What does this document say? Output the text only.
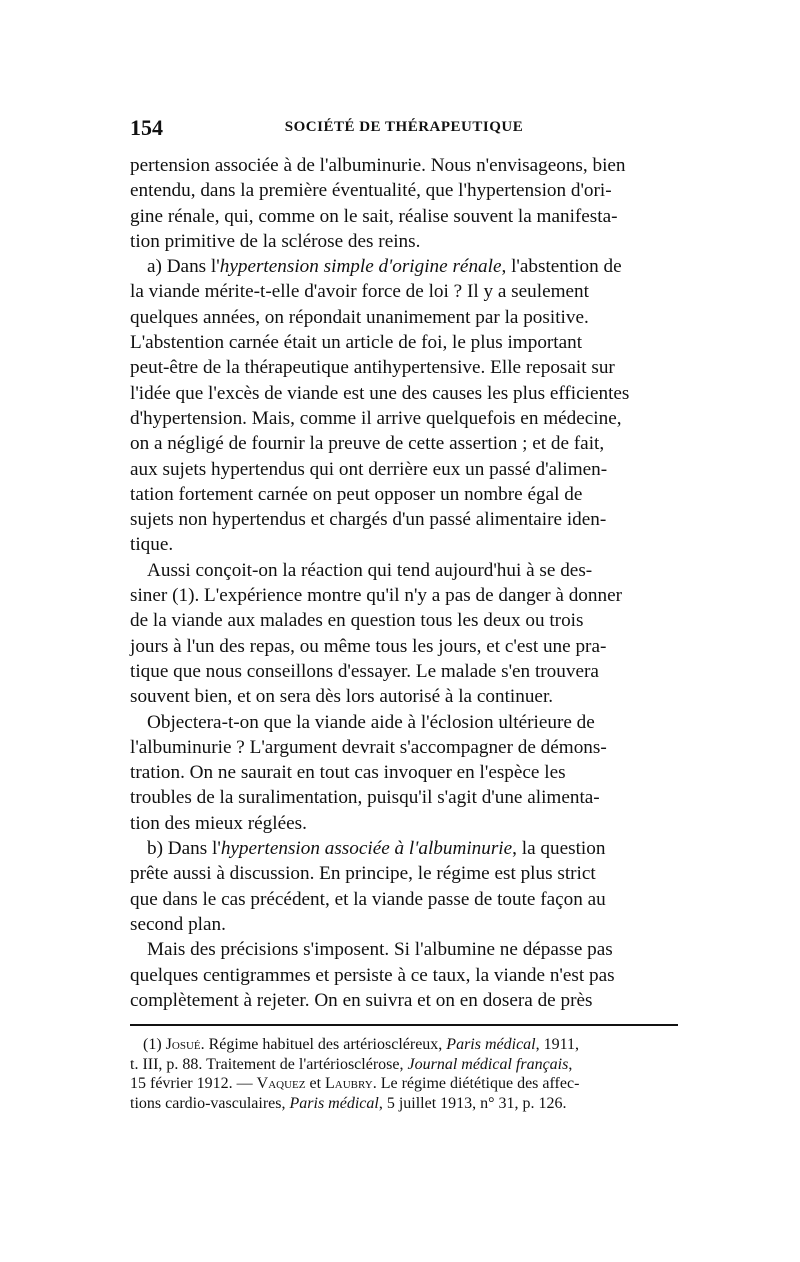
154	SOCIÉTÉ DE THÉRAPEUTIQUE

pertension associée à de l'albuminurie. Nous n'envisageons, bien
entendu, dans la première éventualité, que l'hypertension d'ori-
gine rénale, qui, comme on le sait, réalise souvent la manifesta-
tion primitive de la sclérose des reins.

a) Dans l'hypertension simple d'origine rénale, l'abstention de
la viande mérite-t-elle d'avoir force de loi ? Il y a seulement
quelques années, on répondait unanimement par la positive.
L'abstention carnée était un article de foi, le plus important
peut-être de la thérapeutique antihypertensive. Elle reposait sur
l'idée que l'excès de viande est une des causes les plus efficientes
d'hypertension. Mais, comme il arrive quelquefois en médecine,
on a négligé de fournir la preuve de cette assertion ; et de fait,
aux sujets hypertendus qui ont derrière eux un passé d'alimen-
tation fortement carnée on peut opposer un nombre égal de
sujets non hypertendus et chargés d'un passé alimentaire iden-
tique.

Aussi conçoit-on la réaction qui tend aujourd'hui à se des-
siner (1). L'expérience montre qu'il n'y a pas de danger à donner
de la viande aux malades en question tous les deux ou trois
jours à l'un des repas, ou même tous les jours, et c'est une pra-
tique que nous conseillons d'essayer. Le malade s'en trouvera
souvent bien, et on sera dès lors autorisé à la continuer.

Objectera-t-on que la viande aide à l'éclosion ultérieure de
l'albuminurie ? L'argument devrait s'accompagner de démons-
tration. On ne saurait en tout cas invoquer en l'espèce les
troubles de la suralimentation, puisqu'il s'agit d'une alimenta-
tion des mieux réglées.

b) Dans l'hypertension associée à l'albuminurie, la question
prête aussi à discussion. En principe, le régime est plus strict
que dans le cas précédent, et la viande passe de toute façon au
second plan.

Mais des précisions s'imposent. Si l'albumine ne dépasse pas
quelques centigrammes et persiste à ce taux, la viande n'est pas
complètement à rejeter. On en suivra et on en dosera de près

(1) Josué. Régime habituel des artérioscléreux, Paris médical, 1911,
t. III, p. 88. Traitement de l'artériosclérose, Journal médical français,
15 février 1912. — Vaquez et Laubry. Le régime diététique des affec-
tions cardio-vasculaires, Paris médical, 5 juillet 1913, n° 31, p. 126.
